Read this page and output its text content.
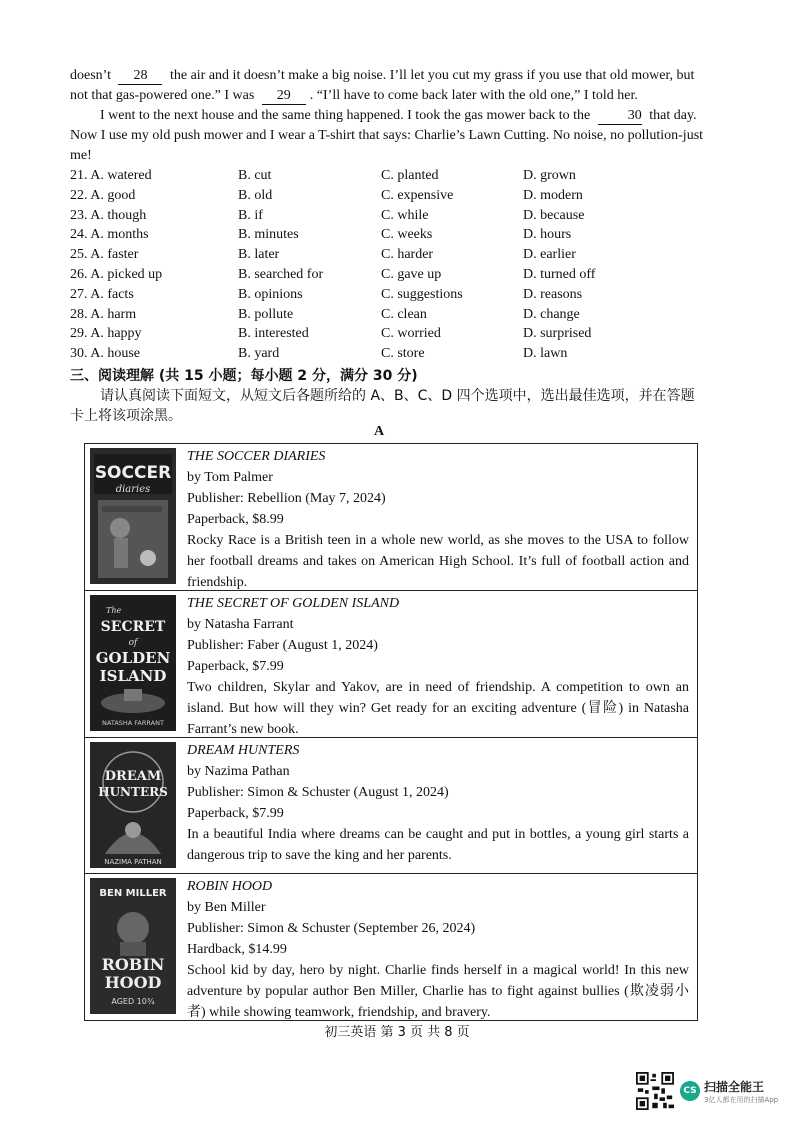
doesn’t 28 the air and it doesn’t make a big noise. I’ll let you cut my grass if you use that old mower, but not that gas-powered one.” I was 29 . “I’ll have to come back later with the old one,” I told her.

I went to the next house and the same thing happened. I took the gas mower back to the	30 that day. Now I use my old push mower and I wear a T-shirt that says: Charlie’s Lawn Cutting. No noise, no pollution-just me!

21. A. watered	B. cut	C. planted	D. grown
22. A. good	B. old	C. expensive	D. modern
23. A. though	B. if	C. while	D. because
24. A. months	B. minutes	C. weeks	D. hours
25. A. faster	B. later	C. harder	D. earlier
26. A. picked up	B. searched for	C. gave up	D. turned off
27. A. facts	B. opinions	C. suggestions	D. reasons
28. A. harm	B. pollute	C. clean	D. change
29. A. happy	B. interested	C. worried	D. surprised
30. A. house	B. yard	C. store	D. lawn
三、阅读理解 (共 15 小题；每小题 2 分，满分 30 分)
请认真阅读下面短文，从短文后各题所给的 A、B、C、D 四个选项中，选出最佳选项，并在答题卡上将该项涂黑。
A
SOCCER
diaries

THE SOCCER DIARIES

by Tom Palmer

Publisher: Rebellion (May 7, 2024)

Paperback, $8.99

Rocky Race is a British teen in a whole new world, as she moves to the USA to follow her football dreams and takes on American High School. It’s full of football action and friendship.

The
SECRET
of
GOLDEN
ISLAND
NATASHA FARRANT

THE SECRET OF GOLDEN ISLAND

by Natasha Farrant

Publisher: Faber (August 1, 2024)

Paperback, $7.99

Two children, Skylar and Yakov, are in need of friendship. A competition to own an island. But how will they win? Get ready for an exciting adventure (冒险) in Natasha Farrant’s new book.

DREAM
HUNTERS
NAZIMA PATHAN

DREAM HUNTERS

by Nazima Pathan

Publisher: Simon & Schuster (August 1, 2024)

Paperback, $7.99

In a beautiful India where dreams can be caught and put in bottles, a young girl starts a dangerous trip to save the king and her parents.

BEN MILLER
ROBIN
HOOD
AGED 10¾

ROBIN HOOD

by Ben Miller

Publisher: Simon & Schuster (September 26, 2024)

Hardback, $14.99

School kid by day, hero by night. Charlie finds herself in a magical world! In this new adventure by popular author Ben Miller, Charlie has to fight against bullies (欺凌弱小者) while showing teamwork, friendship, and bravery.

初三英语 第 3 页 共 8 页
CS 扫描全能王
3亿人都在用的扫描App
